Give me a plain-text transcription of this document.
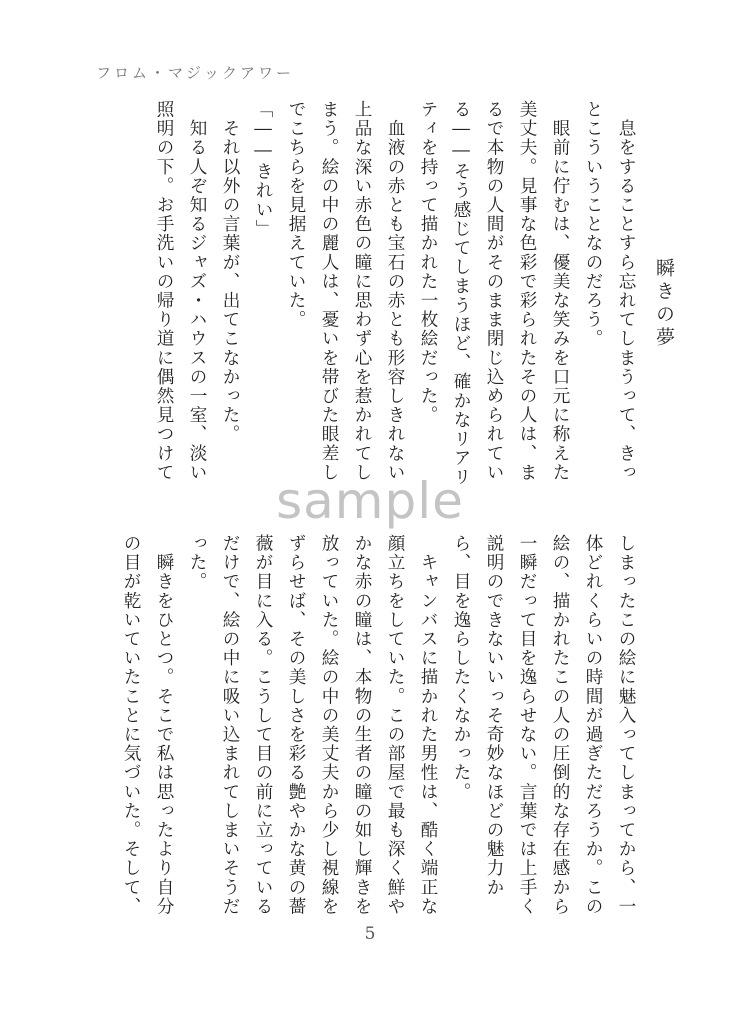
フロム・マジックアワー
瞬きの夢
　息をすることすら忘れてしまうって、きっ
とこういうことなのだろう。
　眼前に佇むは、優美な笑みを口元に称えた
美丈夫。見事な色彩で彩られたその人は、ま
るで本物の人間がそのまま閉じ込められてい
る――そう感じてしまうほど、確かなリアリ
ティを持って描かれた一枚絵だった。
　血液の赤とも宝石の赤とも形容しきれない
上品な深い赤色の瞳に思わず心を惹かれてし
まう。絵の中の麗人は、憂いを帯びた眼差し
でこちらを見据えていた。
「――きれい」
　それ以外の言葉が、出てこなかった。
　知る人ぞ知るジャズ・ハウスの一室、淡い
照明の下。お手洗いの帰り道に偶然見つけて
しまったこの絵に魅入ってしまってから、一
体どれくらいの時間が過ぎただろうか。この
絵の、描かれたこの人の圧倒的な存在感から
一瞬だって目を逸らせない。言葉では上手く
説明のできないいっそ奇妙なほどの魅力か
ら、目を逸らしたくなかった。
　キャンバスに描かれた男性は、酷く端正な
顔立ちをしていた。この部屋で最も深く鮮や
かな赤の瞳は、本物の生者の瞳の如し輝きを
放っていた。絵の中の美丈夫から少し視線を
ずらせば、その美しさを彩る艶やかな黄の薔
薇が目に入る。こうして目の前に立っている
だけで、絵の中に吸い込まれてしまいそうだ
った。
　瞬きをひとつ。そこで私は思ったより自分
の目が乾いていたことに気づいた。そして、
sample
5
